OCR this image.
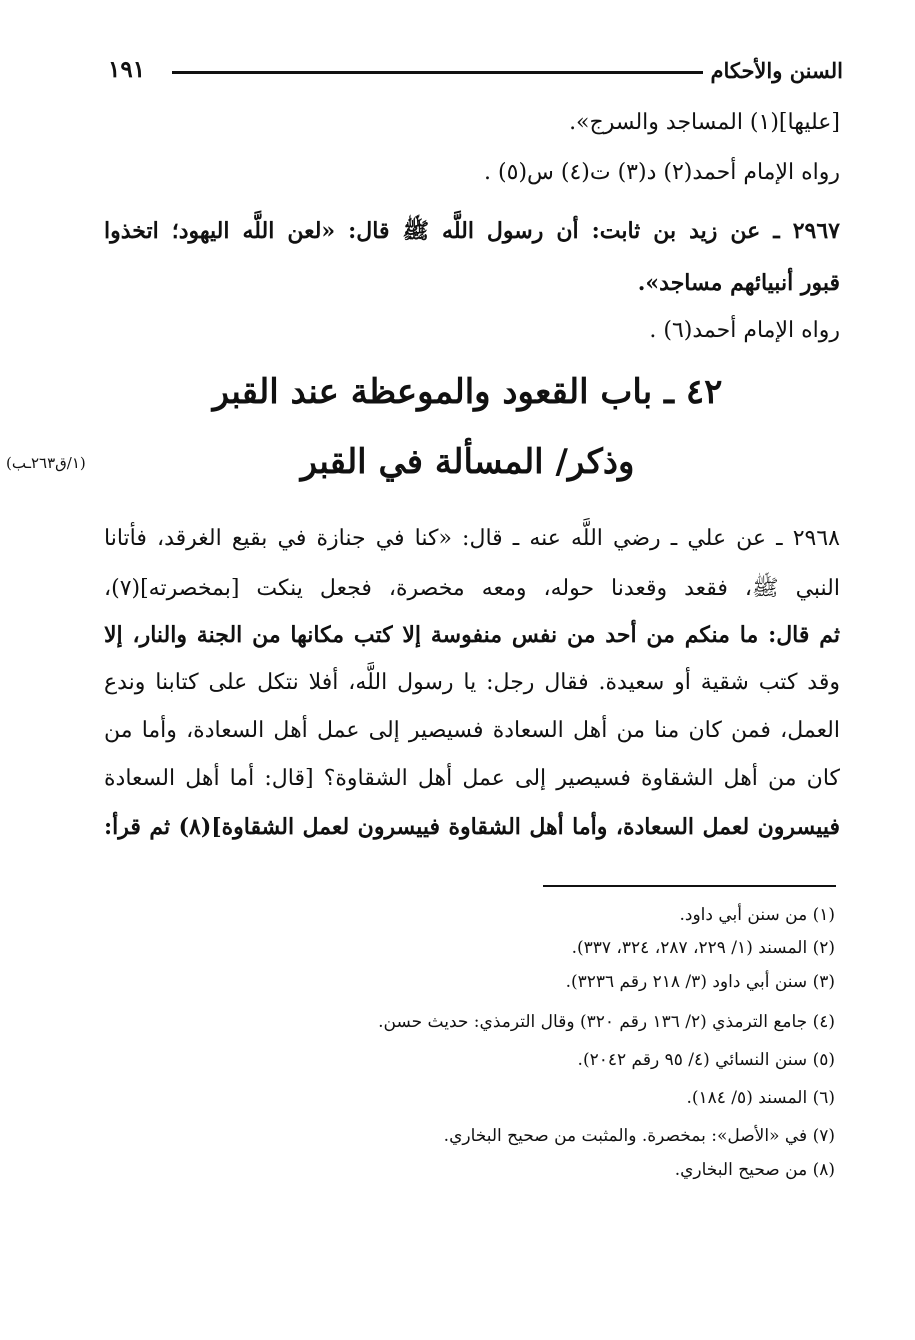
السنن والأحكام
١٩١
[عليها](١) المساجد والسرج».
رواه الإمام أحمد(٢) د(٣) ت(٤) س(٥) .
٢٩٦٧ ـ عن زيد بن ثابت: أن رسول اللَّه ﷺ قال: «لعن اللَّه اليهود؛ اتخذوا
قبور أنبيائهم مساجد».
رواه الإمام أحمد(٦) .
٤٢ ـ باب القعود والموعظة عند القبر
وذكر/ المسألة في القبر
(١/ق٢٦٣ـب)
٢٩٦٨ ـ عن علي ـ رضي اللَّه عنه ـ قال: «كنا في جنازة في بقيع الغرقد، فأتانا
النبي ﷺ، فقعد وقعدنا حوله، ومعه مخصرة، فجعل ينكت [بمخصرته](٧)،
ثم قال: ما منكم من أحد من نفس منفوسة إلا كتب مكانها من الجنة والنار، إلا
وقد كتب شقية أو سعيدة. فقال رجل: يا رسول اللَّه، أفلا نتكل على كتابنا وندع
العمل، فمن كان منا من أهل السعادة فسيصير إلى عمل أهل السعادة، وأما من
كان من أهل الشقاوة فسيصير إلى عمل أهل الشقاوة؟ [قال: أما أهل السعادة
فييسرون لعمل السعادة، وأما أهل الشقاوة فييسرون لعمل الشقاوة](٨) ثم قرأ:
(١) من سنن أبي داود.
(٢) المسند (١/ ٢٢٩، ٢٨٧، ٣٢٤، ٣٣٧).
(٣) سنن أبي داود (٣/ ٢١٨ رقم ٣٢٣٦).
(٤) جامع الترمذي (٢/ ١٣٦ رقم ٣٢٠) وقال الترمذي: حديث حسن.
(٥) سنن النسائي (٤/ ٩٥ رقم ٢٠٤٢).
(٦) المسند (٥/ ١٨٤).
(٧) في «الأصل»: بمخصرة. والمثبت من صحيح البخاري.
(٨) من صحيح البخاري.
